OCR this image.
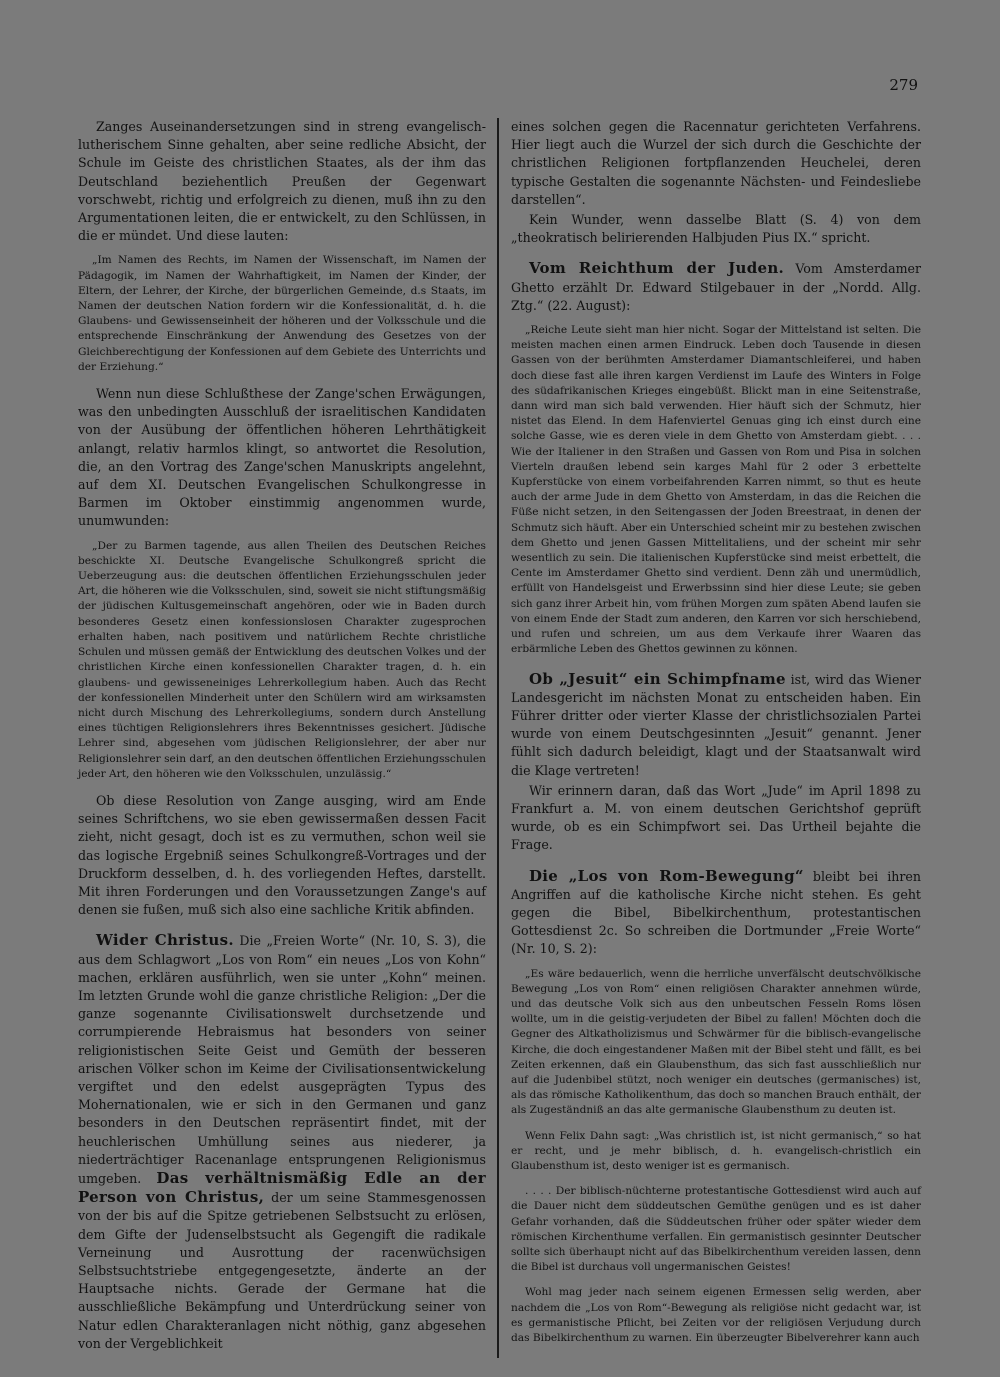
279

Zanges Auseinandersetzungen sind in streng evangelisch-lutherischem Sinne gehalten, aber seine redliche Absicht, der Schule im Geiste des christlichen Staates, als der ihm das Deutschland beziehentlich Preußen der Gegenwart vorschwebt, richtig und erfolgreich zu dienen, muß ihn zu den Argumentationen leiten, die er entwickelt, zu den Schlüssen, in die er mündet. Und diese lauten:

„Im Namen des Rechts, im Namen der Wissenschaft, im Namen der Pädagogik, im Namen der Wahrhaftigkeit, im Namen der Kinder, der Eltern, der Lehrer, der Kirche, der bürgerlichen Gemeinde, d.s Staats, im Namen der deutschen Nation fordern wir die Konfessionalität, d. h. die Glaubens- und Gewissenseinheit der höheren und der Volksschule und die entsprechende Einschränkung der Anwendung des Gesetzes von der Gleichberechtigung der Konfessionen auf dem Gebiete des Unterrichts und der Erziehung.“

Wenn nun diese Schlußthese der Zange'schen Erwägungen, was den unbedingten Ausschluß der israelitischen Kandidaten von der Ausübung der öffentlichen höheren Lehrthätigkeit anlangt, relativ harmlos klingt, so antwortet die Resolution, die, an den Vortrag des Zange'schen Manuskripts angelehnt, auf dem XI. Deutschen Evangelischen Schulkongresse in Barmen im Oktober einstimmig angenommen wurde, unumwunden:

„Der zu Barmen tagende, aus allen Theilen des Deutschen Reiches beschickte XI. Deutsche Evangelische Schulkongreß spricht die Ueberzeugung aus: die deutschen öffentlichen Erziehungsschulen jeder Art, die höheren wie die Volksschulen, sind, soweit sie nicht stiftungsmäßig der jüdischen Kultusgemeinschaft angehören, oder wie in Baden durch besonderes Gesetz einen konfessionslosen Charakter zugesprochen erhalten haben, nach positivem und natürlichem Rechte christliche Schulen und müssen gemäß der Entwicklung des deutschen Volkes und der christlichen Kirche einen konfessionellen Charakter tragen, d. h. ein glaubens- und gewisseneiniges Lehrerkollegium haben. Auch das Recht der konfessionellen Minderheit unter den Schülern wird am wirksamsten nicht durch Mischung des Lehrerkollegiums, sondern durch Anstellung eines tüchtigen Religionslehrers ihres Bekenntnisses gesichert. Jüdische Lehrer sind, abgesehen vom jüdischen Religionslehrer, der aber nur Religionslehrer sein darf, an den deutschen öffentlichen Erziehungsschulen jeder Art, den höheren wie den Volksschulen, unzulässig.“

Ob diese Resolution von Zange ausging, wird am Ende seines Schriftchens, wo sie eben gewissermaßen dessen Facit zieht, nicht gesagt, doch ist es zu vermuthen, schon weil sie das logische Ergebniß seines Schulkongreß-Vortrages und der Druckform desselben, d. h. des vorliegenden Heftes, darstellt. Mit ihren Forderungen und den Voraussetzungen Zange's auf denen sie fußen, muß sich also eine sachliche Kritik abfinden.

Wider Christus. Die „Freien Worte“ (Nr. 10, S. 3), die aus dem Schlagwort „Los von Rom“ ein neues „Los von Kohn“ machen, erklären ausführlich, wen sie unter „Kohn“ meinen. Im letzten Grunde wohl die ganze christliche Religion: „Der die ganze sogenannte Civilisationswelt durchsetzende und corrumpierende Hebraismus hat besonders von seiner religionistischen Seite Geist und Gemüth der besseren arischen Völker schon im Keime der Civilisationsentwickelung vergiftet und den edelst ausgeprägten Typus des Mohernationalen, wie er sich in den Germanen und ganz besonders in den Deutschen repräsentirt findet, mit der heuchlerischen Umhüllung seines aus niederer, ja niederträchtiger Racenanlage entsprungenen Religionismus umgeben. Das verhältnismäßig Edle an der Person von Christus, der um seine Stammesgenossen von der bis auf die Spitze getriebenen Selbstsucht zu erlösen, dem Gifte der Judenselbstsucht als Gegengift die radikale Verneinung und Ausrottung der racenwüchsigen Selbstsuchtstriebe entgegengesetzte, änderte an der Hauptsache nichts. Gerade der Germane hat die ausschließliche Bekämpfung und Unterdrückung seiner von Natur edlen Charakteranlagen nicht nöthig, ganz abgesehen von der Vergeblichkeit

eines solchen gegen die Racennatur gerichteten Verfahrens. Hier liegt auch die Wurzel der sich durch die Geschichte der christlichen Religionen fortpflanzenden Heuchelei, deren typische Gestalten die sogenannte Nächsten- und Feindesliebe darstellen“.

Kein Wunder, wenn dasselbe Blatt (S. 4) von dem „theokratisch belirierenden Halbjuden Pius IX.“ spricht.

Vom Reichthum der Juden. Vom Amsterdamer Ghetto erzählt Dr. Edward Stilgebauer in der „Nordd. Allg. Ztg.“ (22. August):

„Reiche Leute sieht man hier nicht. Sogar der Mittelstand ist selten. Die meisten machen einen armen Eindruck. Leben doch Tausende in diesen Gassen von der berühmten Amsterdamer Diamantschleiferei, und haben doch diese fast alle ihren kargen Verdienst im Laufe des Winters in Folge des südafrikanischen Krieges eingebüßt. Blickt man in eine Seitenstraße, dann wird man sich bald verwenden. Hier häuft sich der Schmutz, hier nistet das Elend. In dem Hafenviertel Genuas ging ich einst durch eine solche Gasse, wie es deren viele in dem Ghetto von Amsterdam giebt. . . . Wie der Italiener in den Straßen und Gassen von Rom und Pisa in solchen Vierteln draußen lebend sein karges Mahl für 2 oder 3 erbettelte Kupferstücke von einem vorbeifahrenden Karren nimmt, so thut es heute auch der arme Jude in dem Ghetto von Amsterdam, in das die Reichen die Füße nicht setzen, in den Seitengassen der Joden Breestraat, in denen der Schmutz sich häuft. Aber ein Unterschied scheint mir zu bestehen zwischen dem Ghetto und jenen Gassen Mittelitaliens, und der scheint mir sehr wesentlich zu sein. Die italienischen Kupferstücke sind meist erbettelt, die Cente im Amsterdamer Ghetto sind verdient. Denn zäh und unermüdlich, erfüllt von Handelsgeist und Erwerbssinn sind hier diese Leute; sie geben sich ganz ihrer Arbeit hin, vom frühen Morgen zum späten Abend laufen sie von einem Ende der Stadt zum anderen, den Karren vor sich herschiebend, und rufen und schreien, um aus dem Verkaufe ihrer Waaren das erbärmliche Leben des Ghettos gewinnen zu können.

Ob „Jesuit“ ein Schimpfname ist, wird das Wiener Landesgericht im nächsten Monat zu entscheiden haben. Ein Führer dritter oder vierter Klasse der christlichsozialen Partei wurde von einem Deutschgesinnten „Jesuit“ genannt. Jener fühlt sich dadurch beleidigt, klagt und der Staatsanwalt wird die Klage vertreten!

Wir erinnern daran, daß das Wort „Jude“ im April 1898 zu Frankfurt a. M. von einem deutschen Gerichtshof geprüft wurde, ob es ein Schimpfwort sei. Das Urtheil bejahte die Frage.

Die „Los von Rom-Bewegung“ bleibt bei ihren Angriffen auf die katholische Kirche nicht stehen. Es geht gegen die Bibel, Bibelkirchenthum, protestantischen Gottesdienst 2c. So schreiben die Dortmunder „Freie Worte“ (Nr. 10, S. 2):

„Es wäre bedauerlich, wenn die herrliche unverfälscht deutschvölkische Bewegung „Los von Rom“ einen religiösen Charakter annehmen würde, und das deutsche Volk sich aus den unbeutschen Fesseln Roms lösen wollte, um in die geistig-verjudeten der Bibel zu fallen! Möchten doch die Gegner des Altkatholizismus und Schwärmer für die biblisch-evangelische Kirche, die doch eingestandener Maßen mit der Bibel steht und fällt, es bei Zeiten erkennen, daß ein Glaubensthum, das sich fast ausschließlich nur auf die Judenbibel stützt, noch weniger ein deutsches (germanisches) ist, als das römische Katholikenthum, das doch so manchen Brauch enthält, der als Zugeständniß an das alte germanische Glaubensthum zu deuten ist.

Wenn Felix Dahn sagt: „Was christlich ist, ist nicht germanisch,“ so hat er recht, und je mehr biblisch, d. h. evangelisch-christlich ein Glaubensthum ist, desto weniger ist es germanisch.

. . . . Der biblisch-nüchterne protestantische Gottesdienst wird auch auf die Dauer nicht dem süddeutschen Gemüthe genügen und es ist daher Gefahr vorhanden, daß die Süddeutschen früher oder später wieder dem römischen Kirchenthume verfallen. Ein germanistisch gesinnter Deutscher sollte sich überhaupt nicht auf das Bibelkirchenthum vereiden lassen, denn die Bibel ist durchaus voll ungermanischen Geistes!

Wohl mag jeder nach seinem eigenen Ermessen selig werden, aber nachdem die „Los von Rom“-Bewegung als religiöse nicht gedacht war, ist es germanistische Pflicht, bei Zeiten vor der religiösen Verjudung durch das Bibelkirchenthum zu warnen. Ein überzeugter Bibelverehrer kann auch
